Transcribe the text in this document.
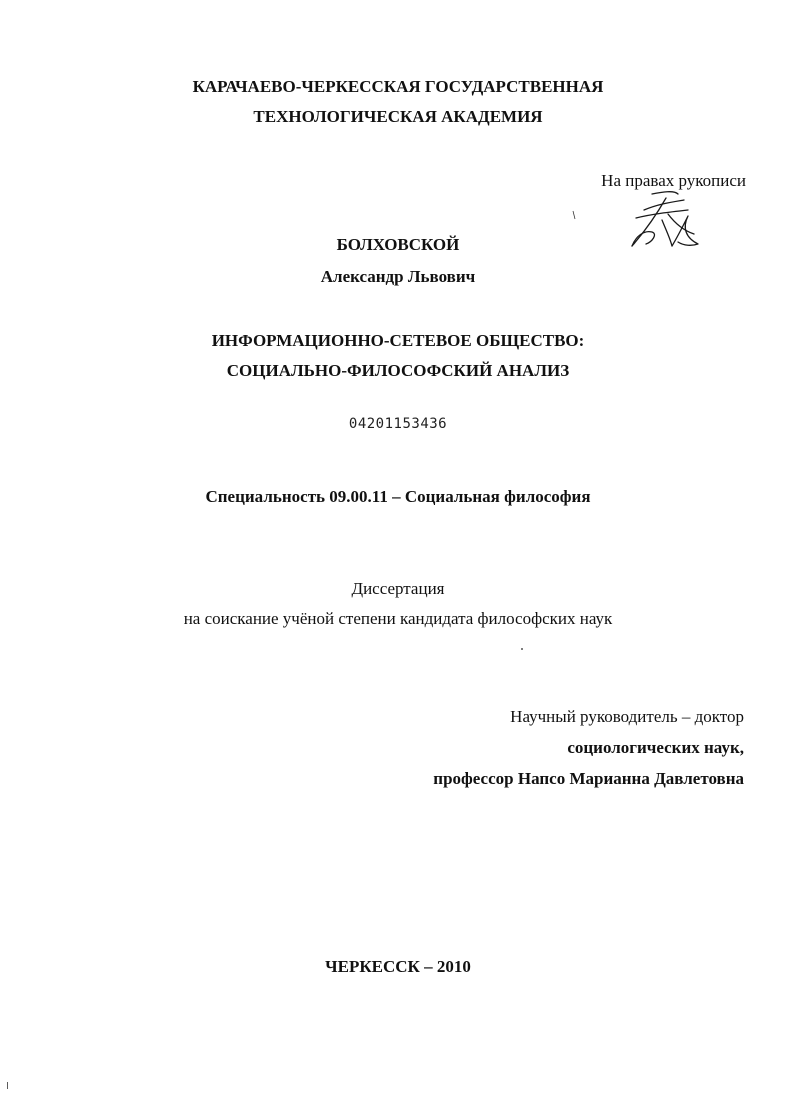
КАРАЧАЕВО-ЧЕРКЕССКАЯ ГОСУДАРСТВЕННАЯ
ТЕХНОЛОГИЧЕСКАЯ АКАДЕМИЯ
На правах рукописи
БОЛХОВСКОЙ
Александр Львович
ИНФОРМАЦИОННО-СЕТЕВОЕ ОБЩЕСТВО:
СОЦИАЛЬНО-ФИЛОСОФСКИЙ АНАЛИЗ
04201153436
Специальность 09.00.11 – Социальная философия
Диссертация
на соискание учёной степени кандидата философских наук
Научный руководитель – доктор
социологических наук,
профессор Напсо Марианна Давлетовна
ЧЕРКЕССК – 2010
